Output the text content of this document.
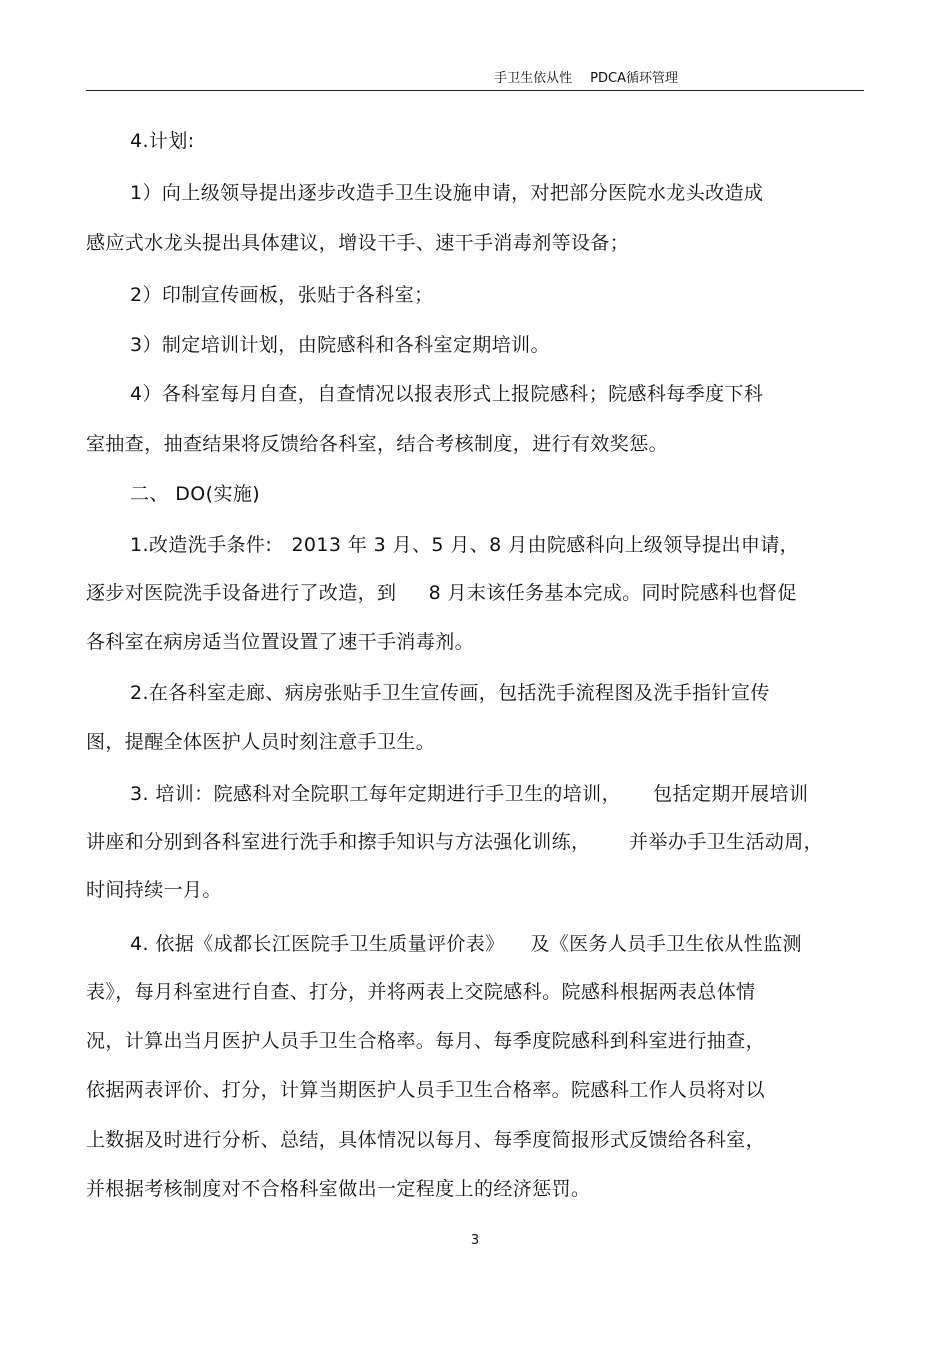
手卫生依从性 PDCA循环管理
4.计划:
1）向上级领导提出逐步改造手卫生设施申请，对把部分医院水龙头改造成
感应式水龙头提出具体建议，增设干手、速干手消毒剂等设备；
2）印制宣传画板，张贴于各科室；
3）制定培训计划，由院感科和各科室定期培训。
4）各科室每月自查，自查情况以报表形式上报院感科；院感科每季度下科
室抽查，抽查结果将反馈给各科室，结合考核制度，进行有效奖惩。
二、 DO(实施)
1.改造洗手条件:   2013 年 3 月、5 月、8 月由院感科向上级领导提出申请，
逐步对医院洗手设备进行了改造，到     8 月末该任务基本完成。同时院感科也督促
各科室在病房适当位置设置了速干手消毒剂。
2.在各科室走廊、病房张贴手卫生宣传画，包括洗手流程图及洗手指针宣传
图，提醒全体医护人员时刻注意手卫生。
3. 培训：院感科对全院职工每年定期进行手卫生的培训，     包括定期开展培训
讲座和分别到各科室进行洗手和擦手知识与方法强化训练，      并举办手卫生活动周，
时间持续一月。
4. 依据《成都长江医院手卫生质量评价表》    及《医务人员手卫生依从性监测
表》，每月科室进行自查、打分，并将两表上交院感科。院感科根据两表总体情
况，计算出当月医护人员手卫生合格率。每月、每季度院感科到科室进行抽查，
依据两表评价、打分，计算当期医护人员手卫生合格率。院感科工作人员将对以
上数据及时进行分析、总结，具体情况以每月、每季度简报形式反馈给各科室，
并根据考核制度对不合格科室做出一定程度上的经济惩罚。
3
